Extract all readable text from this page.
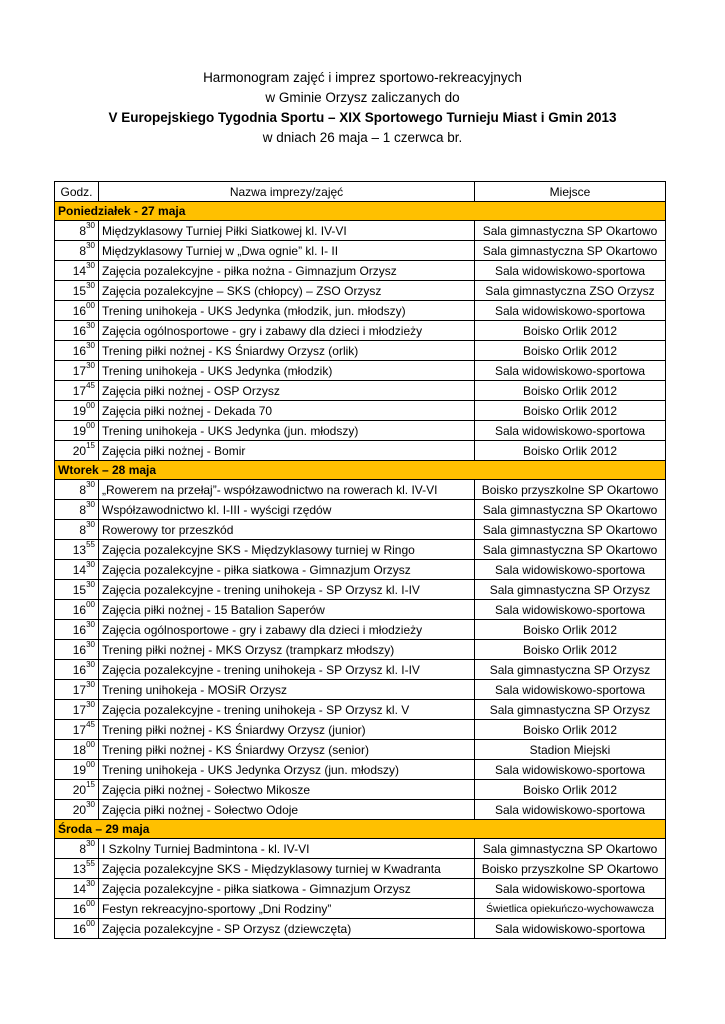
Harmonogram zajęć i imprez sportowo-rekreacyjnych
w Gminie Orzysz zaliczanych do
V Europejskiego Tygodnia Sportu – XIX Sportowego Turnieju Miast i Gmin 2013
w dniach 26 maja – 1 czerwca br.
Godz.	Nazwa imprezy/zajęć	Miejsce
Poniedziałek - 27 maja		
$8^{30}$	Międzyklasowy Turniej Piłki Siatkowej kl. IV-VI	Sala gimnastyczna SP Okartowo
$8^{30}$	Międzyklasowy Turniej w „Dwa ognie” kl. I- II	Sala gimnastyczna SP Okartowo
$14^{30}$	Zajęcia pozalekcyjne - piłka nożna - Gimnazjum Orzysz	Sala widowiskowo-sportowa
$15^{30}$	Zajęcia pozalekcyjne – SKS (chłopcy) – ZSO Orzysz	Sala gimnastyczna ZSO Orzysz
$16^{00}$	Trening unihokeja - UKS Jedynka (młodzik, jun. młodszy)	Sala widowiskowo-sportowa
$16^{30}$	Zajęcia ogólnosportowe - gry i zabawy dla dzieci i młodzieży	Boisko Orlik 2012
$16^{30}$	Trening piłki nożnej - KS Śniardwy Orzysz (orlik)	Boisko Orlik 2012
$17^{30}$	Trening unihokeja - UKS Jedynka (młodzik)	Sala widowiskowo-sportowa
$17^{45}$	Zajęcia piłki nożnej - OSP Orzysz	Boisko Orlik 2012
$19^{00}$	Zajęcia piłki nożnej - Dekada 70	Boisko Orlik 2012
$19^{00}$	Trening unihokeja - UKS Jedynka (jun. młodszy)	Sala widowiskowo-sportowa
$20^{15}$	Zajęcia piłki nożnej - Bomir	Boisko Orlik 2012
Wtorek – 28 maja		
$8^{30}$	„Rowerem na przełaj”- współzawodnictwo na rowerach kl. IV-VI	Boisko przyszkolne SP Okartowo
$8^{30}$	Współzawodnictwo kl. I-III - wyścigi rzędów	Sala gimnastyczna SP Okartowo
$8^{30}$	Rowerowy tor przeszkód	Sala gimnastyczna SP Okartowo
$13^{55}$	Zajęcia pozalekcyjne SKS - Międzyklasowy turniej w Ringo	Sala gimnastyczna SP Okartowo
$14^{30}$	Zajęcia pozalekcyjne - piłka siatkowa - Gimnazjum Orzysz	Sala widowiskowo-sportowa
$15^{30}$	Zajęcia pozalekcyjne - trening unihokeja - SP Orzysz kl. I-IV	Sala gimnastyczna SP Orzysz
$16^{00}$	Zajęcia piłki nożnej - 15 Batalion Saperów	Sala widowiskowo-sportowa
$16^{30}$	Zajęcia ogólnosportowe - gry i zabawy dla dzieci i młodzieży	Boisko Orlik 2012
$16^{30}$	Trening piłki nożnej - MKS Orzysz (trampkarz młodszy)	Boisko Orlik 2012
$16^{30}$	Zajęcia pozalekcyjne - trening unihokeja - SP Orzysz kl. I-IV	Sala gimnastyczna SP Orzysz
$17^{30}$	Trening unihokeja - MOSiR Orzysz	Sala widowiskowo-sportowa
$17^{30}$	Zajęcia pozalekcyjne - trening unihokeja - SP Orzysz kl. V	Sala gimnastyczna SP Orzysz
$17^{45}$	Trening piłki nożnej - KS Śniardwy Orzysz (junior)	Boisko Orlik 2012
$18^{00}$	Trening piłki nożnej - KS Śniardwy Orzysz (senior)	Stadion Miejski
$19^{00}$	Trening unihokeja - UKS Jedynka Orzysz (jun. młodszy)	Sala widowiskowo-sportowa
$20^{15}$	Zajęcia piłki nożnej - Sołectwo Mikosze	Boisko Orlik 2012
$20^{30}$	Zajęcia piłki nożnej - Sołectwo Odoje	Sala widowiskowo-sportowa
Środa – 29 maja		
$8^{30}$	I Szkolny Turniej Badmintona - kl. IV-VI	Sala gimnastyczna SP Okartowo
$13^{55}$	Zajęcia pozalekcyjne SKS - Międzyklasowy turniej w Kwadranta	Boisko przyszkolne SP Okartowo
$14^{30}$	Zajęcia pozalekcyjne - piłka siatkowa - Gimnazjum Orzysz	Sala widowiskowo-sportowa
$16^{00}$	Festyn rekreacyjno-sportowy „Dni Rodziny”	Świetlica opiekuńczo-wychowawcza
$16^{00}$	Zajęcia pozalekcyjne - SP Orzysz (dziewczęta)	Sala widowiskowo-sportowa
